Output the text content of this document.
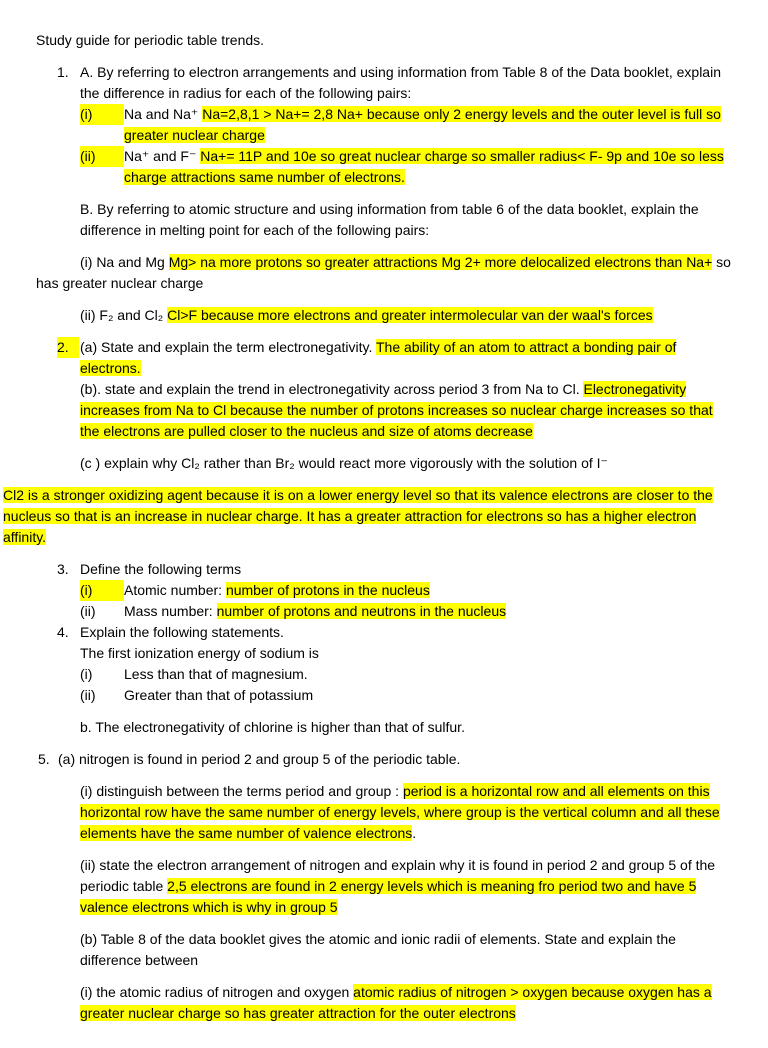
Study guide for periodic table trends.
1. A. By referring to electron arrangements and using information from Table 8 of the Data booklet, explain the difference in radius for each of the following pairs:
(i)	Na and Na⁺ Na=2,8,1 > Na+= 2,8 Na+ because only 2 energy levels and the outer level is full so greater nuclear charge
(ii)	Na⁺ and F⁻ Na+= 11P and 10e so great nuclear charge so smaller radius< F- 9p and 10e so less charge attractions same number of electrons.
B. By referring to atomic structure and using information from table 6 of the data booklet, explain the difference in melting point for each of the following pairs:
(i) Na and Mg Mg> na more protons so greater attractions Mg 2+ more delocalized electrons than Na+ so has greater nuclear charge
(ii) F₂ and Cl₂ Cl>F because more electrons and greater intermolecular van der waal's forces
2. (a) State and explain the term electronegativity. The ability of an atom to attract a bonding pair of electrons.
(b). state and explain the trend in electronegativity across period 3 from Na to Cl. Electronegativity increases from Na to Cl because the number of protons increases so nuclear charge increases so that the electrons are pulled closer to the nucleus and size of atoms decrease
(c ) explain why Cl₂ rather than Br₂ would react more vigorously with the solution of I⁻
Cl2 is a stronger oxidizing agent because it is on a lower energy level so that its valence electrons are closer to the nucleus so that is an increase in nuclear charge. It has a greater attraction for electrons so has a higher electron affinity.
3. Define the following terms
(i)	Atomic number: number of protons in the nucleus
(ii) Mass number: number of protons and neutrons in the nucleus
4. Explain the following statements.
The first ionization energy of sodium is
(i) Less than that of magnesium.
(ii) Greater than that of potassium
b. The electronegativity of chlorine is higher than that of sulfur.
5. (a) nitrogen is found in period 2 and group 5 of the periodic table.
(i) distinguish between the terms period and group : period is a horizontal row and all elements on this horizontal row have the same number of energy levels, where group is the vertical column and all these elements have the same number of valence electrons.
(ii) state the electron arrangement of nitrogen and explain why it is found in period 2 and group 5 of the periodic table 2,5 electrons are found in 2 energy levels which is meaning fro period two and have 5 valence electrons which is why in group 5
(b) Table 8 of the data booklet gives the atomic and ionic radii of elements. State and explain the difference between
(i) the atomic radius of nitrogen and oxygen atomic radius of nitrogen > oxygen because oxygen has a greater nuclear charge so has greater attraction for the outer electrons
